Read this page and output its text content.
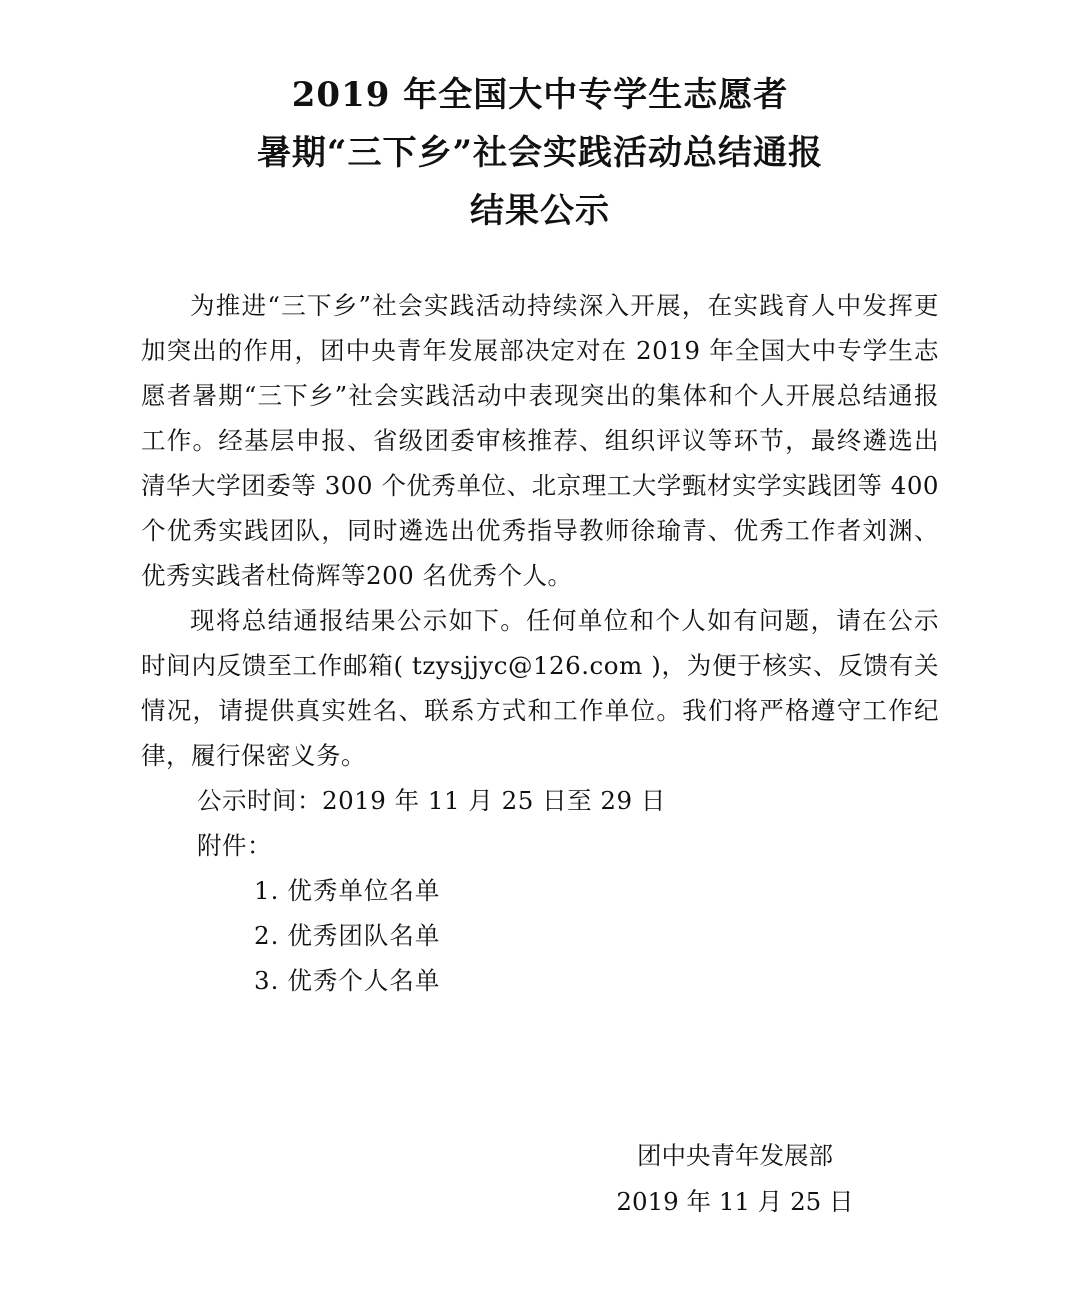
2019 年全国大中专学生志愿者
暑期“三下乡”社会实践活动总结通报
结果公示

为推进“三下乡”社会实践活动持续深入开展，在实践育人中发挥更加突出的作用，团中央青年发展部决定对在 2019 年全国大中专学生志愿者暑期“三下乡”社会实践活动中表现突出的集体和个人开展总结通报工作。经基层申报、省级团委审核推荐、组织评议等环节，最终遴选出清华大学团委等 300 个优秀单位、北京理工大学甄材实学实践团等 400 个优秀实践团队，同时遴选出优秀指导教师徐瑜青、优秀工作者刘渊、优秀实践者杜倚辉等200 名优秀个人。

现将总结通报结果公示如下。任何单位和个人如有问题，请在公示时间内反馈至工作邮箱( tzysjjyc@126.com )，为便于核实、反馈有关情况，请提供真实姓名、联系方式和工作单位。我们将严格遵守工作纪律，履行保密义务。

公示时间：2019 年 11 月 25 日至 29 日

附件：

1. 优秀单位名单

2. 优秀团队名单

3. 优秀个人名单

团中央青年发展部
2019 年 11 月 25 日
